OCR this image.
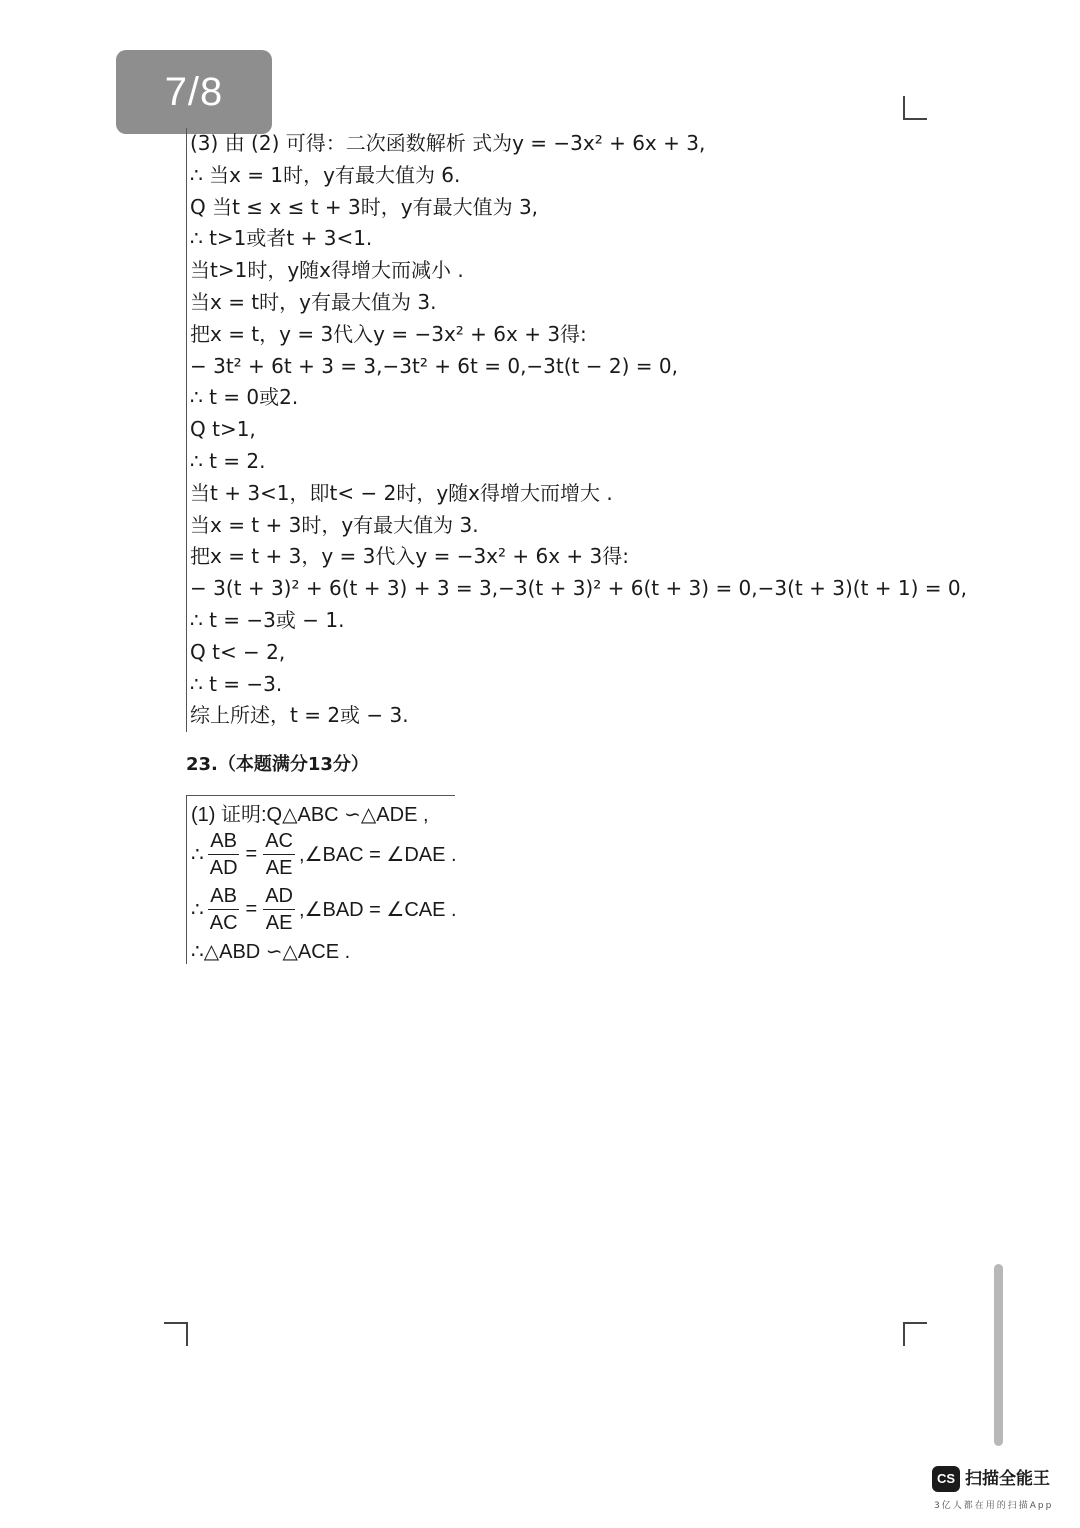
7/8
(3) 由 (2) 可得：二次函数解析 式为y = −3x² + 6x + 3,
∴ 当x = 1时，y有最大值为 6.
Q 当t ≤ x ≤ t + 3时，y有最大值为 3,
∴ t>1或者t + 3<1.
当t>1时，y随x得增大而减小 .
当x = t时，y有最大值为 3.
把x = t，y = 3代入y = −3x² + 6x + 3得:
− 3t² + 6t + 3 = 3,−3t² + 6t = 0,−3t(t − 2) = 0,
∴ t = 0或2.
Q t>1,
∴ t = 2.
当t + 3<1，即t< − 2时，y随x得增大而增大 .
当x = t + 3时，y有最大值为 3.
把x = t + 3，y = 3代入y = −3x² + 6x + 3得:
− 3(t + 3)² + 6(t + 3) + 3 = 3,−3(t + 3)² + 6(t + 3) = 0,−3(t + 3)(t + 1) = 0,
∴ t = −3或 − 1.
Q t< − 2,
∴ t = −3.
综上所述，t = 2或 − 3.
23.（本题满分13分）
(1) 证明:Q△ABC ∽△ADE ,
∴ $\frac{AB}{AD} = \frac{AC}{AE}$ ,∠BAC = ∠DAE .
∴ $\frac{AB}{AC} = \frac{AD}{AE}$ ,∠BAD = ∠CAE .
∴△ABD ∽△ACE .
CS 扫描全能王
3亿人都在用的扫描App
